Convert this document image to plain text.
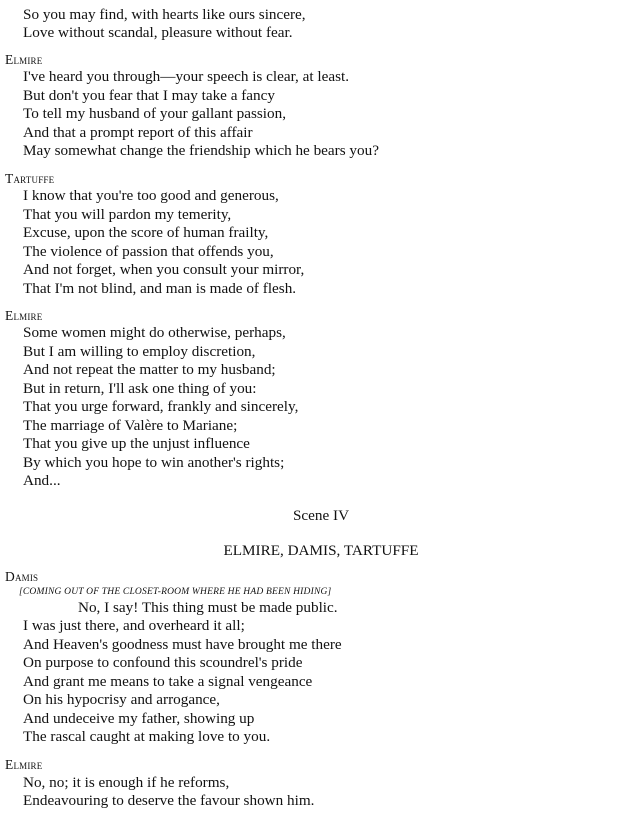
So you may find, with hearts like ours sincere,
Love without scandal, pleasure without fear.
Elmire
I've heard you through—your speech is clear, at least.
But don't you fear that I may take a fancy
To tell my husband of your gallant passion,
And that a prompt report of this affair
May somewhat change the friendship which he bears you?
Tartuffe
I know that you're too good and generous,
That you will pardon my temerity,
Excuse, upon the score of human frailty,
The violence of passion that offends you,
And not forget, when you consult your mirror,
That I'm not blind, and man is made of flesh.
Elmire
Some women might do otherwise, perhaps,
But I am willing to employ discretion,
And not repeat the matter to my husband;
But in return, I'll ask one thing of you:
That you urge forward, frankly and sincerely,
The marriage of Valère to Mariane;
That you give up the unjust influence
By which you hope to win another's rights;
And...
Scene IV
ELMIRE, DAMIS, TARTUFFE
Damis
[COMING OUT OF THE CLOSET-ROOM WHERE HE HAD BEEN HIDING]
No, I say! This thing must be made public.
I was just there, and overheard it all;
And Heaven's goodness must have brought me there
On purpose to confound this scoundrel's pride
And grant me means to take a signal vengeance
On his hypocrisy and arrogance,
And undeceive my father, showing up
The rascal caught at making love to you.
Elmire
No, no; it is enough if he reforms,
Endeavouring to deserve the favour shown him.
